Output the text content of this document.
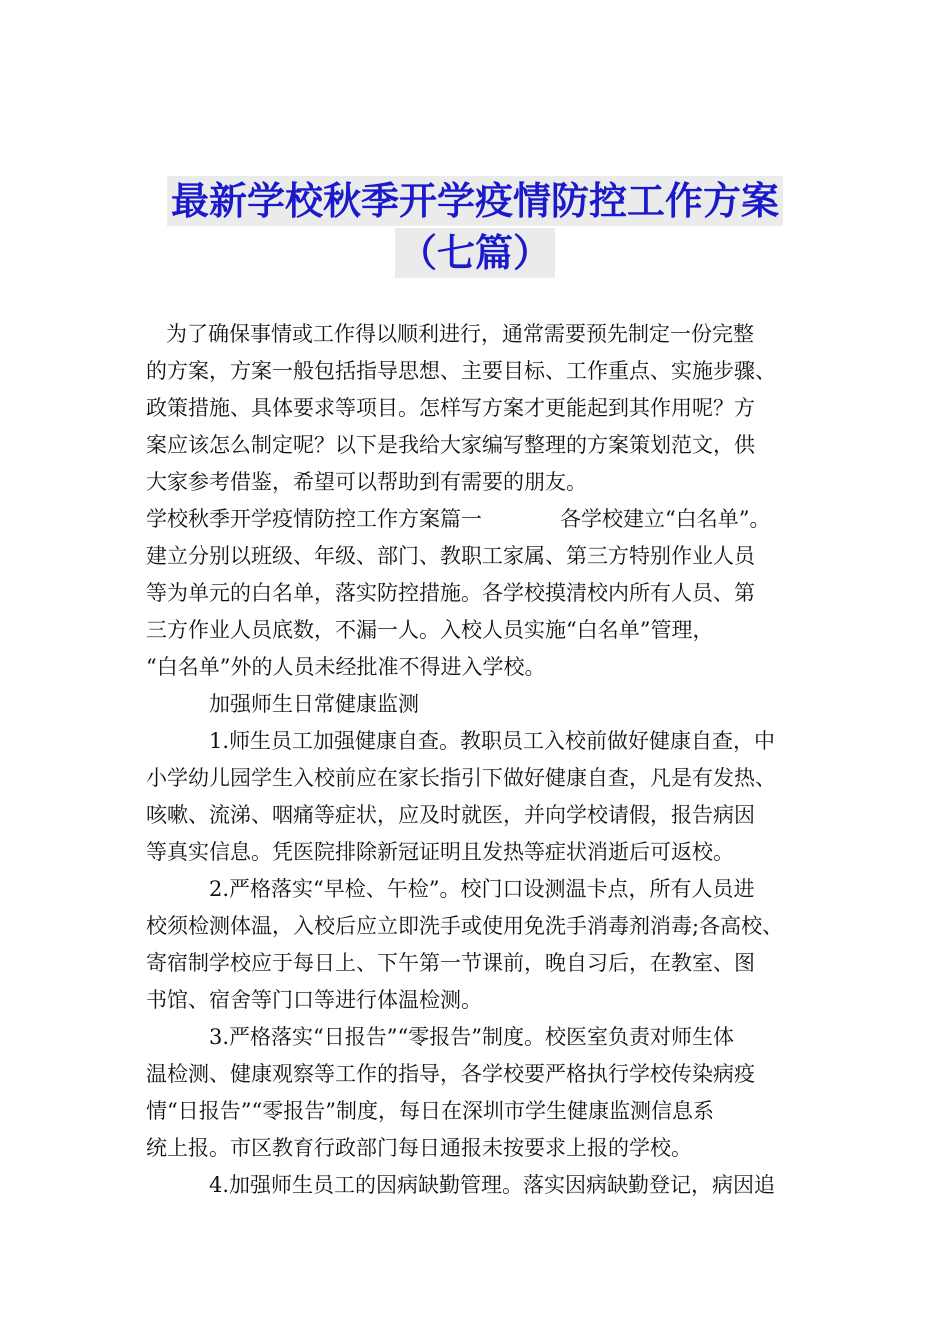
最新学校秋季开学疫情防控工作方案
（七篇）
为了确保事情或工作得以顺利进行，通常需要预先制定一份完整
的方案，方案一般包括指导思想、主要目标、工作重点、实施步骤、
政策措施、具体要求等项目。怎样写方案才更能起到其作用呢？方
案应该怎么制定呢？以下是我给大家编写整理的方案策划范文，供
大家参考借鉴，希望可以帮助到有需要的朋友。
学校秋季开学疫情防控工作方案篇一	各学校建立“白名单”。
建立分别以班级、年级、部门、教职工家属、第三方特别作业人员
等为单元的白名单，落实防控措施。各学校摸清校内所有人员、第
三方作业人员底数，不漏一人。入校人员实施“白名单”管理，
“白名单”外的人员未经批准不得进入学校。
加强师生日常健康监测
1.师生员工加强健康自查。教职员工入校前做好健康自查，中
小学幼儿园学生入校前应在家长指引下做好健康自查，凡是有发热、
咳嗽、流涕、咽痛等症状，应及时就医，并向学校请假，报告病因
等真实信息。凭医院排除新冠证明且发热等症状消逝后可返校。
2.严格落实“早检、午检”。校门口设测温卡点，所有人员进
校须检测体温，入校后应立即洗手或使用免洗手消毒剂消毒;各高校、
寄宿制学校应于每日上、下午第一节课前，晚自习后，在教室、图
书馆、宿舍等门口等进行体温检测。
3.严格落实“日报告”“零报告”制度。校医室负责对师生体
温检测、健康观察等工作的指导，各学校要严格执行学校传染病疫
情“日报告”“零报告”制度，每日在深圳市学生健康监测信息系
统上报。市区教育行政部门每日通报未按要求上报的学校。
4.加强师生员工的因病缺勤管理。落实因病缺勤登记，病因追
